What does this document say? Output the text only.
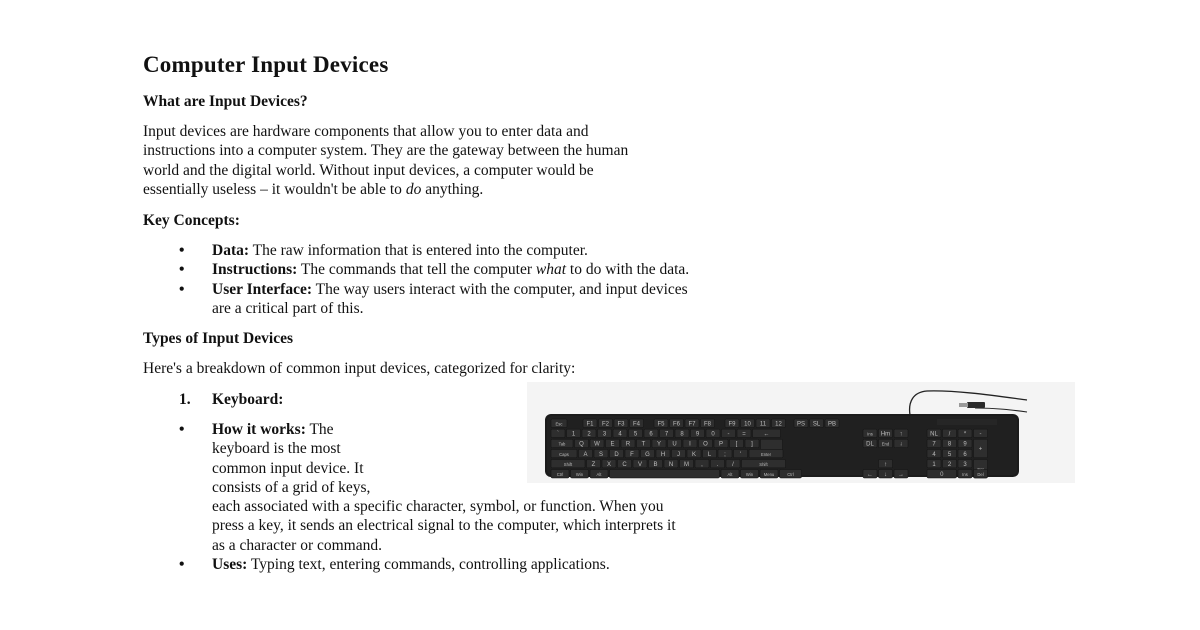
Computer Input Devices
What are Input Devices?

Input devices are hardware components that allow you to enter data and
instructions into a computer system. They are the gateway between the human
world and the digital world. Without input devices, a computer would be
essentially useless – it wouldn't be able to do anything.

Key Concepts:
• Data: The raw information that is entered into the computer.
• Instructions: The commands that tell the computer what to do with the data.
• User Interface: The way users interact with the computer, and input devices
are a critical part of this.
Types of Input Devices

Here's a breakdown of common input devices, categorized for clarity:

1. Keyboard:
• How it works: The
keyboard is the most
common input device. It
consists of a grid of keys,
each associated with a specific character, symbol, or function. When you
press a key, it sends an electrical signal to the computer, which interprets it
as a character or command.
• Uses: Typing text, entering commands, controlling applications.
Esc	F1 F2 F3 F4	F5 F6 F7 F8	F9 10 11 12	PS SL PB
` 1 2 3 4 5 6 7 8 9 0 - =	←
Tab Q W E R T Y U I O P [ ]
Caps A S D F G H J K L ; '	Enter
Shift	Z X C V B N M , . /	Shift
Ctrl	Win	Alt	Alt	Win	Menu	Ctrl
Ins Hm ↑
DL End ↓
↑
← ↓ →
NL / * -
7 8 9
+
4 5 6
1 2 3
0	Ins Del
